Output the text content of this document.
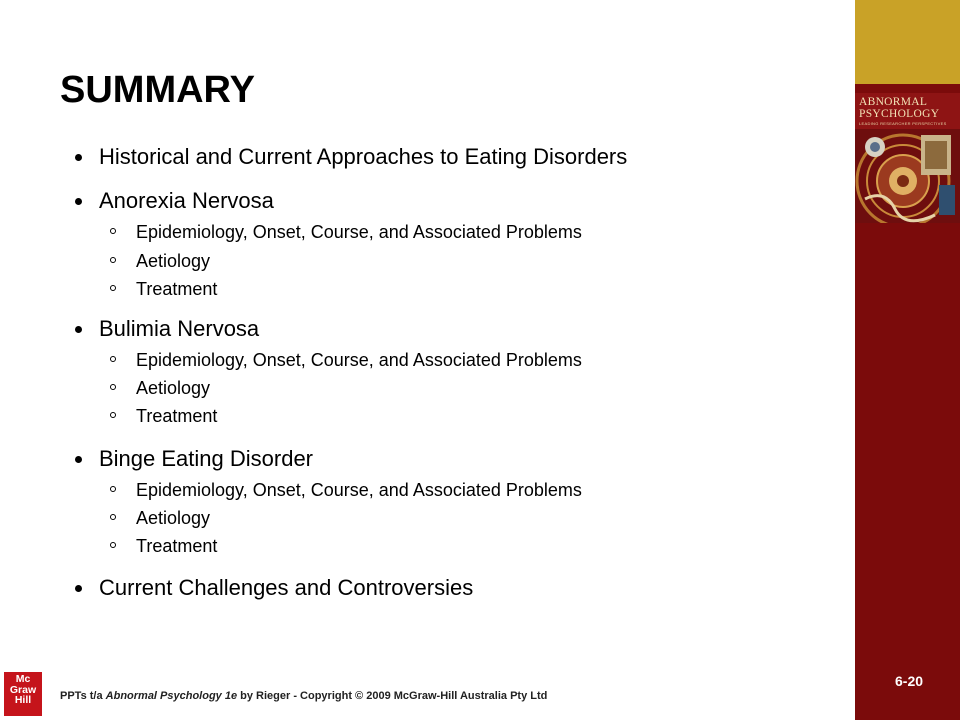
ABNORMAL
PSYCHOLOGY
LEADING RESEARCHER PERSPECTIVES
SUMMARY
Historical and Current Approaches to Eating Disorders
Anorexia Nervosa
Epidemiology, Onset, Course, and Associated Problems
Aetiology
Treatment
Bulimia Nervosa
Epidemiology, Onset, Course, and Associated Problems
Aetiology
Treatment
Binge Eating Disorder
Epidemiology, Onset, Course, and Associated Problems
Aetiology
Treatment
Current Challenges and Controversies
Mc
Graw
Hill	PPTs t/a Abnormal Psychology 1e by Rieger - Copyright © 2009 McGraw-Hill Australia Pty Ltd
6-20
